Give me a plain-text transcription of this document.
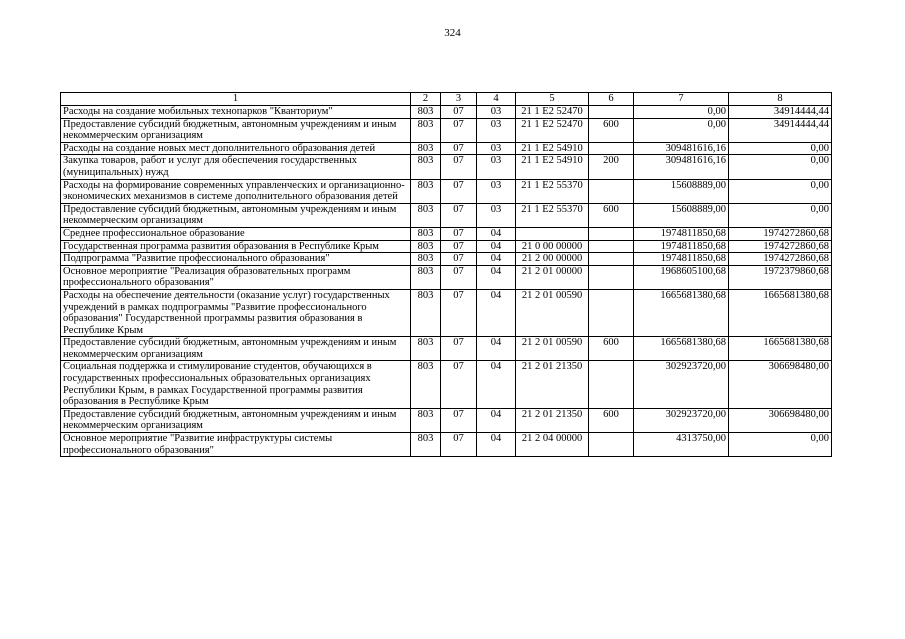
324
1	2	3	4	5	6	7	8
Расходы на создание мобильных технопарков "Кванториум"	803	07	03	21 1 E2 52470		0,00	34914444,44
Предоставление субсидий бюджетным, автономным учреждениям и иным некоммерческим организациям	803	07	03	21 1 E2 52470	600	0,00	34914444,44
Расходы на создание новых мест дополнительного образования детей	803	07	03	21 1 E2 54910		309481616,16	0,00
Закупка товаров, работ и услуг для обеспечения государственных (муниципальных) нужд	803	07	03	21 1 E2 54910	200	309481616,16	0,00
Расходы на формирование современных управленческих и организационно-экономических механизмов в системе дополнительного образования детей	803	07	03	21 1 E2 55370		15608889,00	0,00
Предоставление субсидий бюджетным, автономным учреждениям и иным некоммерческим организациям	803	07	03	21 1 E2 55370	600	15608889,00	0,00
Среднее профессиональное образование	803	07	04			1974811850,68	1974272860,68
Государственная программа развития образования в Республике Крым	803	07	04	21 0 00 00000		1974811850,68	1974272860,68
Подпрограмма "Развитие профессионального образования"	803	07	04	21 2 00 00000		1974811850,68	1974272860,68
Основное мероприятие "Реализация образовательных программ профессионального образования"	803	07	04	21 2 01 00000		1968605100,68	1972379860,68
Расходы на обеспечение деятельности (оказание услуг) государственных учреждений в рамках подпрограммы "Развитие профессионального образования" Государственной программы развития образования в Республике Крым	803	07	04	21 2 01 00590		1665681380,68	1665681380,68
Предоставление субсидий бюджетным, автономным учреждениям и иным некоммерческим организациям	803	07	04	21 2 01 00590	600	1665681380,68	1665681380,68
Социальная поддержка и стимулирование студентов, обучающихся в государственных профессиональных образовательных организациях Республики Крым, в рамках Государственной программы развития образования в Республике Крым	803	07	04	21 2 01 21350		302923720,00	306698480,00
Предоставление субсидий бюджетным, автономным учреждениям и иным некоммерческим организациям	803	07	04	21 2 01 21350	600	302923720,00	306698480,00
Основное мероприятие "Развитие инфраструктуры системы профессионального образования"	803	07	04	21 2 04 00000		4313750,00	0,00
